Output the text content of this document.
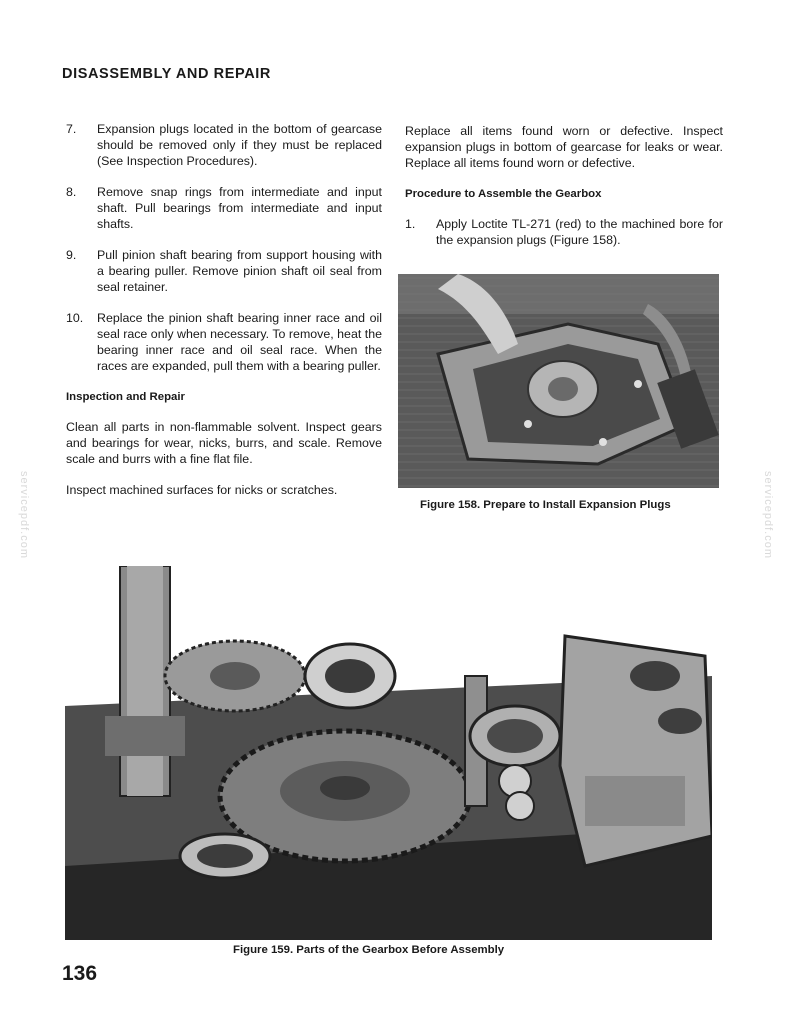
DISASSEMBLY AND REPAIR
7.	Expansion plugs located in the bottom of gearcase should be removed only if they must be replaced (See Inspection Procedures).
8.	Remove snap rings from intermediate and input shaft. Pull bearings from intermediate and input shafts.
9.	Pull pinion shaft bearing from support housing with a bearing puller. Remove pinion shaft oil seal from seal retainer.
10.	Replace the pinion shaft bearing inner race and oil seal race only when necessary. To remove, heat the bearing inner race and oil seal race. When the races are expanded, pull them with a bearing puller.
Inspection and Repair

Clean all parts in non-flammable solvent. Inspect gears and bearings for wear, nicks, burrs, and scale. Remove scale and burrs with a fine flat file.

Inspect machined surfaces for nicks or scratches.

Replace all items found worn or defective. Inspect expansion plugs in bottom of gearcase for leaks or wear. Replace all items found worn or defective.

Procedure to Assemble the Gearbox
1.	Apply Loctite TL-271 (red) to the machined bore for the expansion plugs (Figure 158).
Figure 158. Prepare to Install Expansion Plugs
Figure 159. Parts of the Gearbox Before Assembly
136
servicepdf.com	servicepdf.com
